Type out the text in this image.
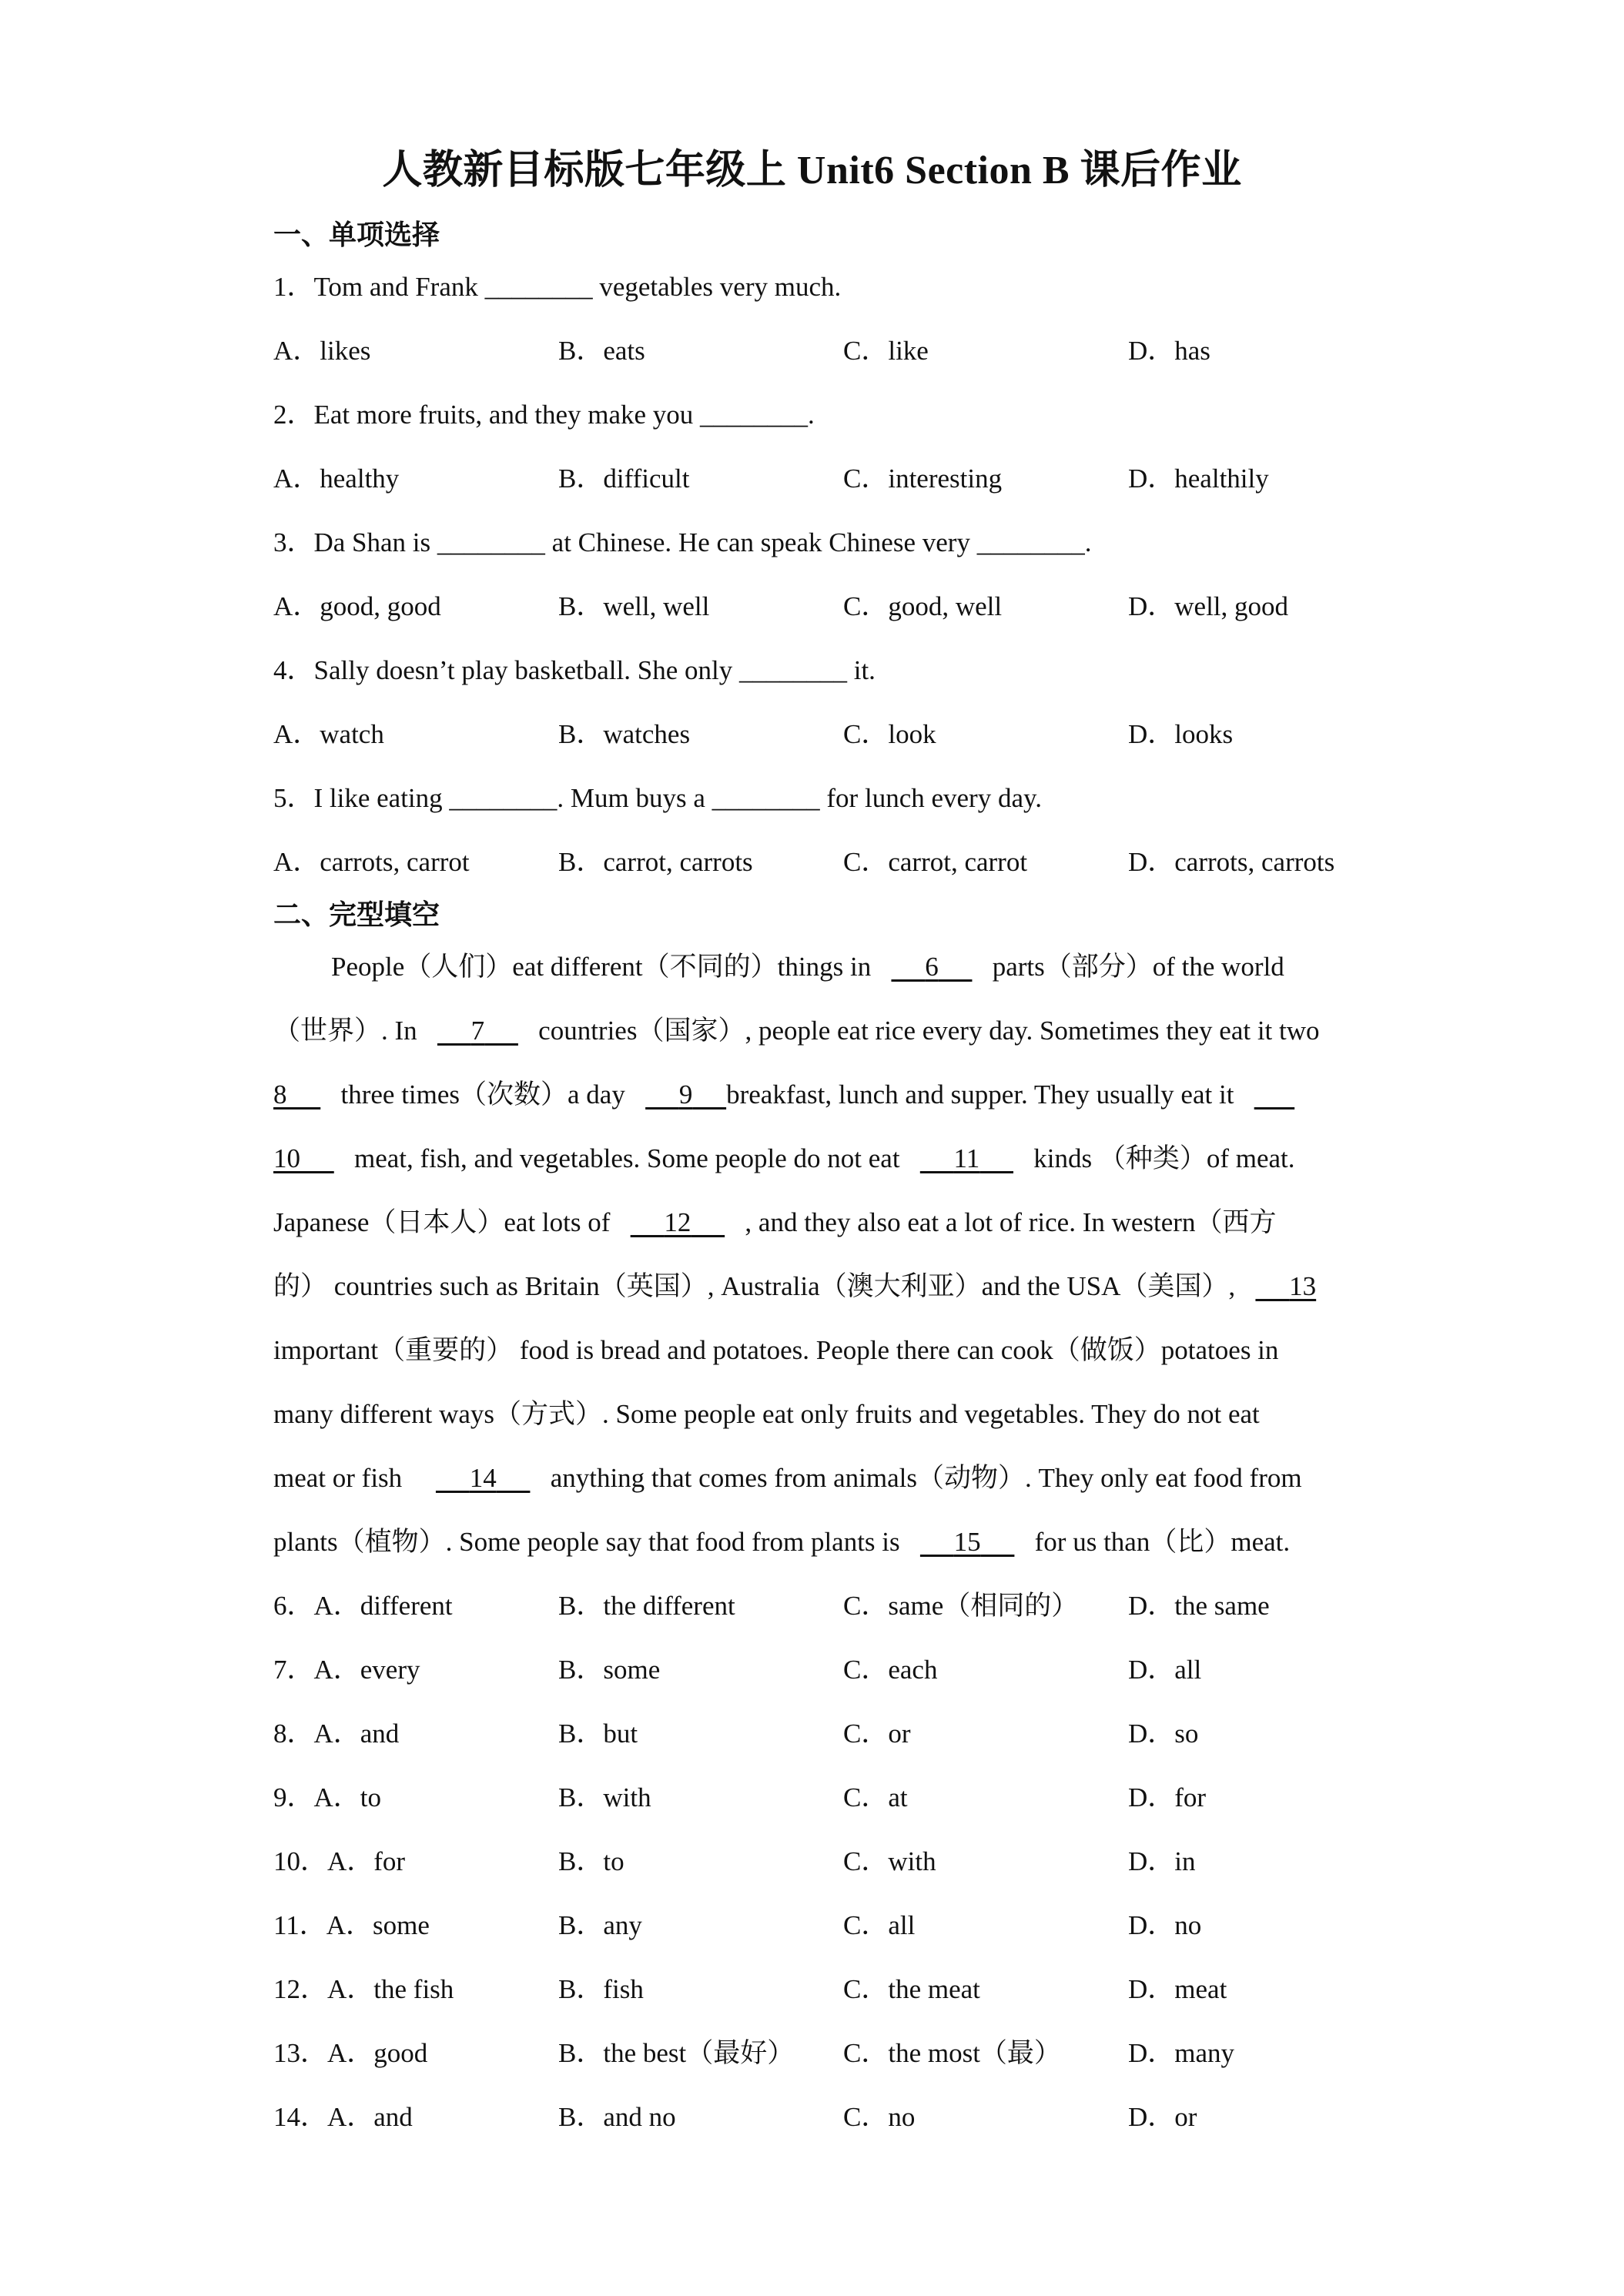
人教新目标版七年级上 Unit6 Section B 课后作业
一、单项选择
1．Tom and Frank ________ vegetables very much.
A．likes	B．eats	C．like	D．has
2．Eat more fruits, and they make you ________.
A．healthy	B．difficult	C．interesting	D．healthily
3．Da Shan is ________ at Chinese. He can speak Chinese very ________.
A．good, good	B．well, well	C．good, well	D．well, good
4．Sally doesn’t play basketball. She only ________ it.
A．watch	B．watches	C．look	D．looks
5．I like eating ________. Mum buys a ________ for lunch every day.
A．carrots, carrot	B．carrot, carrots	C．carrot, carrot	D．carrots, carrots
二、完型填空
People（人们）eat different（不同的）things in 6 parts（部分）of the world
（世界）. In 7 countries（国家）, people eat rice every day. Sometimes they eat it two
8 three times（次数）a day 9 breakfast, lunch and supper. They usually eat it
10 meat, fish, and vegetables. Some people do not eat 11 kinds （种类）of meat.
Japanese（日本人）eat lots of 12 , and they also eat a lot of rice. In western（西方
的） countries such as Britain（英国）, Australia（澳大利亚）and the USA（美国）, 13
important（重要的） food is bread and potatoes. People there can cook（做饭）potatoes in
many different ways（方式）. Some people eat only fruits and vegetables. They do not eat
meat or fish	14 anything that comes from animals（动物）. They only eat food from
plants（植物）. Some people say that food from plants is 15 for us than（比）meat.
6．A．different	B．the different	C．same（相同的） D．the same
7．A．every	B．some	C．each	D．all
8．A．and	B．but	C．or	D．so
9．A．to	B．with	C．at	D．for
10．A．for	B．to	C．with	D．in
11．A．some	B．any	C．all	D．no
12．A．the fish	B．fish	C．the meat	D．meat
13．A．good	B．the best（最好） C．the most（最） D．many
14．A．and	B．and no	C．no	D．or
